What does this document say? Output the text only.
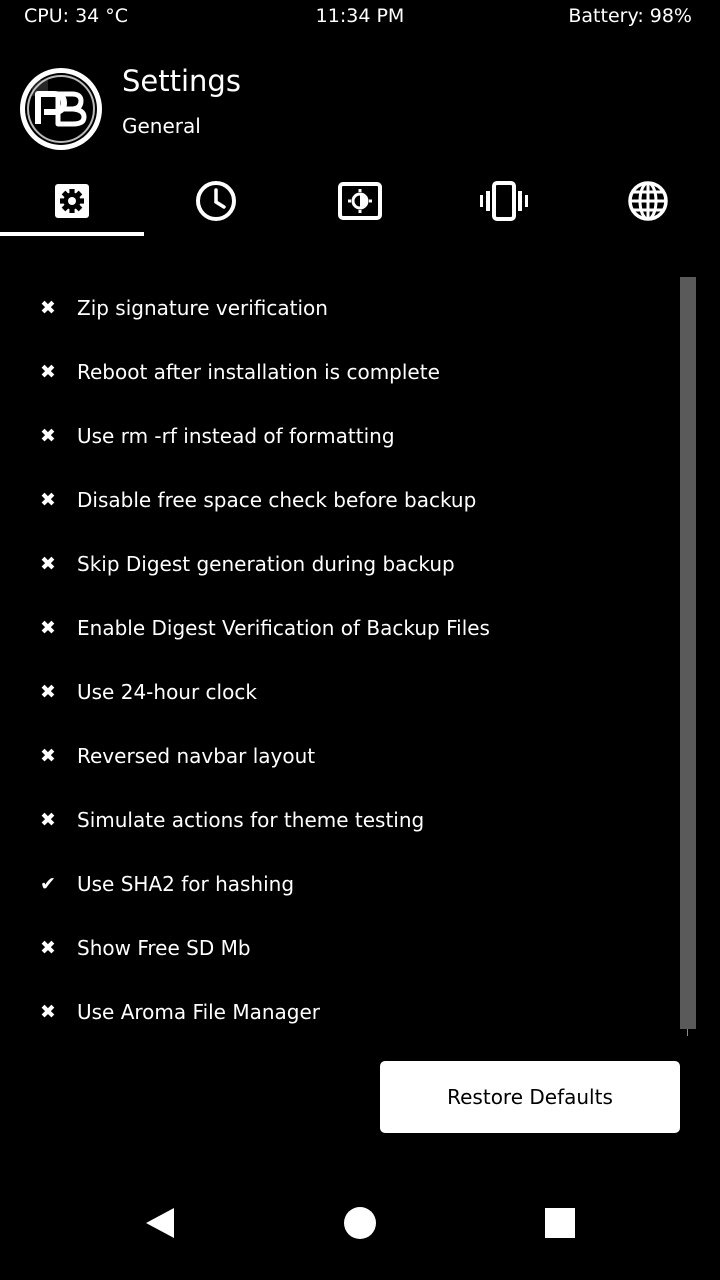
CPU: 34 °C	11:34 PM	Battery: 98%
Settings
General
✖ Zip signature verification
✖ Reboot after installation is complete
✖ Use rm -rf instead of formatting
✖ Disable free space check before backup
✖ Skip Digest generation during backup
✖ Enable Digest Verification of Backup Files
✖ Use 24-hour clock
✖ Reversed navbar layout
✖ Simulate actions for theme testing
✔ Use SHA2 for hashing
✖ Show Free SD Mb
✖ Use Aroma File Manager
Restore Defaults
